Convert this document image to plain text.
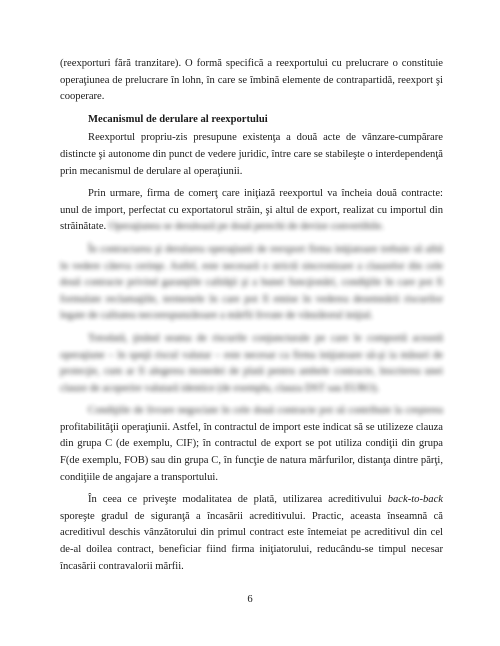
(reexporturi fără tranzitare). O formă specifică a reexportului cu prelucrare o constituie operaţiunea de prelucrare în lohn, în care se îmbină elemente de contrapartidă, reexport şi cooperare.

Mecanismul de derulare al reexportului

Reexportul propriu-zis presupune existenţa a două acte de vânzare-cumpărare distincte şi autonome din punct de vedere juridic, între care se stabileşte o interdependenţă prin mecanismul de derulare al operaţiunii.

Prin urmare, firma de comerţ care iniţiază reexportul va încheia două contracte: unul de import, perfectat cu exportatorul străin, şi altul de export, realizat cu importul din străinătate. Operaţiunea se derulează pe două perechi de devize convertibile.

În contractarea şi derularea operaţiunii de reexport firma iniţiatoare trebuie să aibă în vedere câteva cerinţe. Astfel, este necesară o strictă sincronizare a clauzelor din cele două contracte privind garanţiile calităţii şi a bunei funcţionări, condiţiile în care pot fi formulate reclamaţiile, termenele în care pot fi emise în vederea desemnării riscurilor legate de calitatea necorespunzătoare a mărfii livrate de vânzătorul iniţial.

Totodată, ţinând seama de riscurile conjuncturale pe care le comportă această operaţiune – în speţă riscul valutar – este necesar ca firma iniţiatoare să-şi ia măsuri de protecţie, cum ar fi alegerea monedei de plată pentru ambele contracte, înscrierea unei clauze de acoperire valutară identice (de exemplu, clauza DST sau EURO).

Condiţiile de livrare negociate în cele două contracte pot să contribuie la creşterea profitabilităţii operaţiunii. Astfel, în contractul de import este indicat să se utilizeze clauza din grupa C (de exemplu, CIF); în contractul de export se pot utiliza condiţii din grupa F(de exemplu, FOB) sau din grupa C, în funcţie de natura mărfurilor, distanţa dintre părţi, condiţiile de angajare a transportului.

În ceea ce priveşte modalitatea de plată, utilizarea acreditivului back-to-back sporeşte gradul de siguranţă a încasării acreditivului. Practic, aceasta înseamnă că acreditivul deschis vânzătorului din primul contract este întemeiat pe acreditivul din cel de-al doilea contract, beneficiar fiind firma iniţiatorului, reducându-se timpul necesar încasării contravalorii mărfii.

6
